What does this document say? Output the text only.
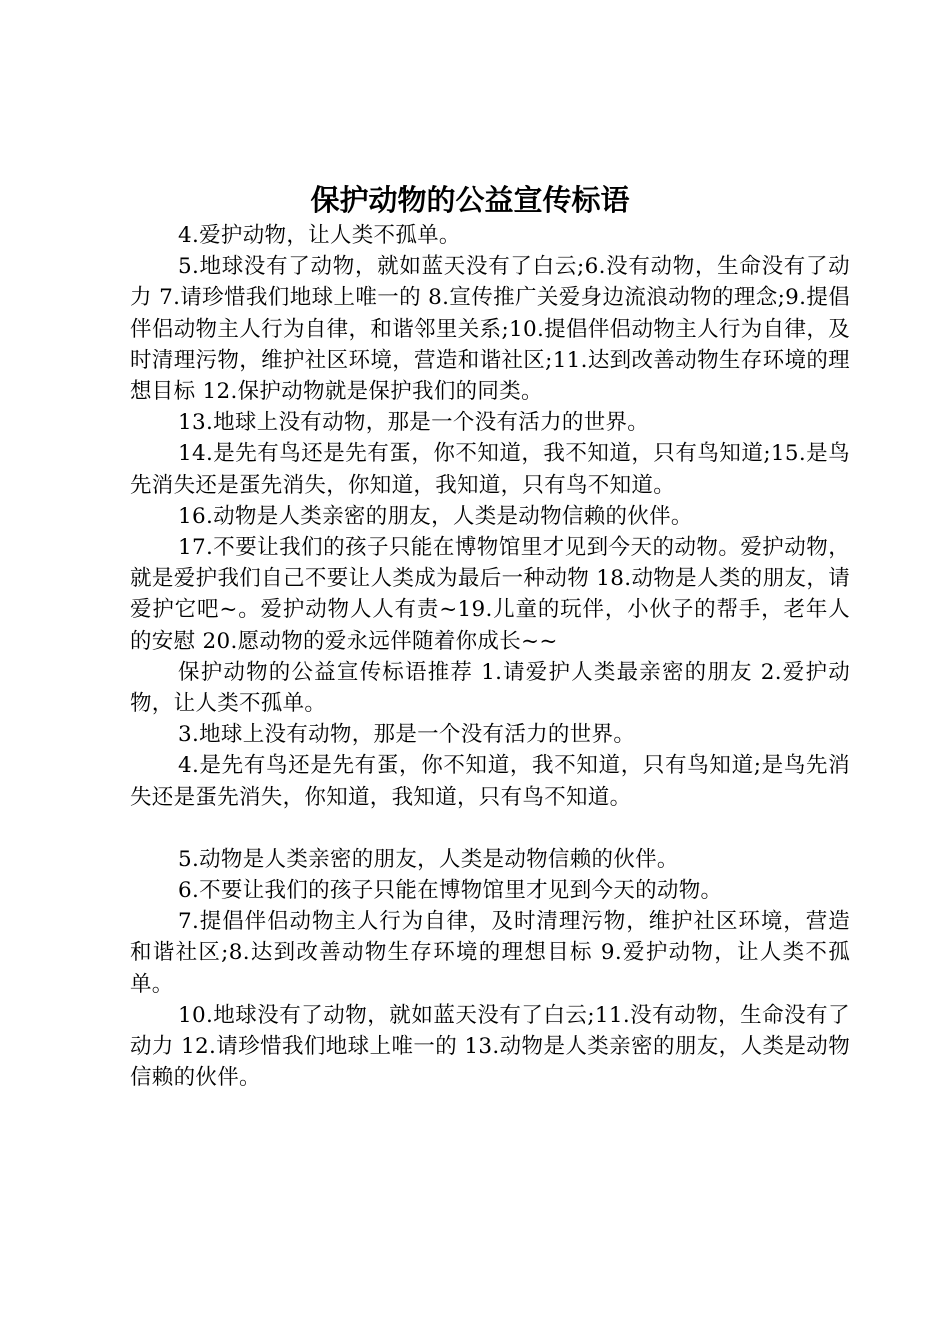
保护动物的公益宣传标语

4.爱护动物，让人类不孤单。

5.地球没有了动物，就如蓝天没有了白云;6.没有动物，生命没有了动力 7.请珍惜我们地球上唯一的 8.宣传推广关爱身边流浪动物的理念;9.提倡伴侣动物主人行为自律，和谐邻里关系;10.提倡伴侣动物主人行为自律，及时清理污物，维护社区环境，营造和谐社区;11.达到改善动物生存环境的理想目标 12.保护动物就是保护我们的同类。

13.地球上没有动物，那是一个没有活力的世界。

14.是先有鸟还是先有蛋，你不知道，我不知道，只有鸟知道;15.是鸟先消失还是蛋先消失，你知道，我知道，只有鸟不知道。

16.动物是人类亲密的朋友，人类是动物信赖的伙伴。

17.不要让我们的孩子只能在博物馆里才见到今天的动物。爱护动物，就是爱护我们自己不要让人类成为最后一种动物 18.动物是人类的朋友，请爱护它吧~。爱护动物人人有责~19.儿童的玩伴，小伙子的帮手，老年人的安慰 20.愿动物的爱永远伴随着你成长~~

保护动物的公益宣传标语推荐 1.请爱护人类最亲密的朋友 2.爱护动物，让人类不孤单。

3.地球上没有动物，那是一个没有活力的世界。

4.是先有鸟还是先有蛋，你不知道，我不知道，只有鸟知道;是鸟先消失还是蛋先消失，你知道，我知道，只有鸟不知道。

5.动物是人类亲密的朋友，人类是动物信赖的伙伴。

6.不要让我们的孩子只能在博物馆里才见到今天的动物。

7.提倡伴侣动物主人行为自律，及时清理污物，维护社区环境，营造和谐社区;8.达到改善动物生存环境的理想目标 9.爱护动物，让人类不孤单。

10.地球没有了动物，就如蓝天没有了白云;11.没有动物，生命没有了动力 12.请珍惜我们地球上唯一的 13.动物是人类亲密的朋友，人类是动物信赖的伙伴。
